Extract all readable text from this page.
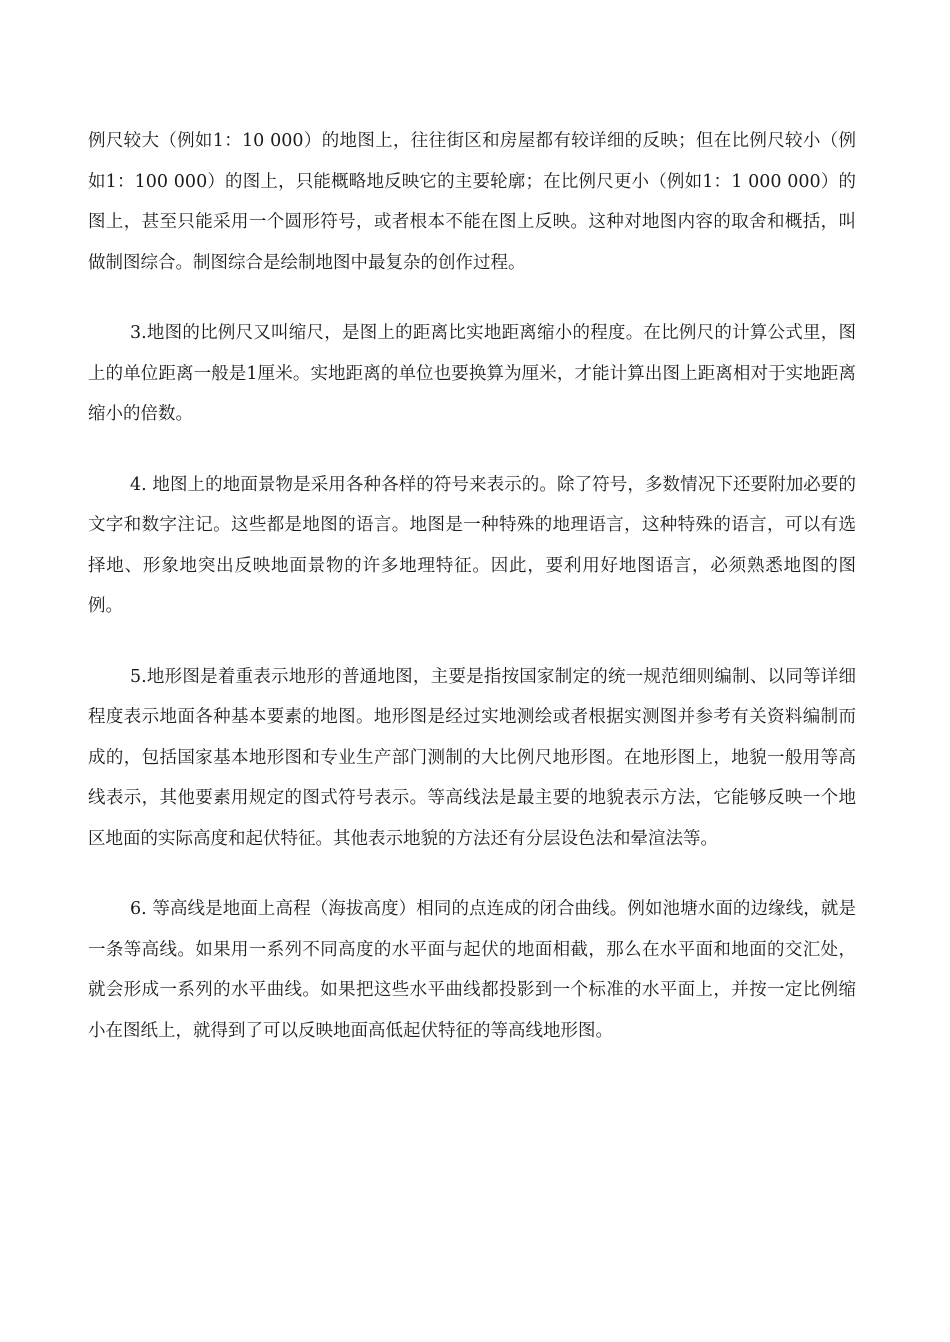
例尺较大（例如1：10 000）的地图上，往往街区和房屋都有较详细的反映；但在比例尺较小（例如1：100 000）的图上，只能概略地反映它的主要轮廓；在比例尺更小（例如1：1 000 000）的图上，甚至只能采用一个圆形符号，或者根本不能在图上反映。这种对地图内容的取舍和概括，叫做制图综合。制图综合是绘制地图中最复杂的创作过程。

3.地图的比例尺又叫缩尺，是图上的距离比实地距离缩小的程度。在比例尺的计算公式里，图上的单位距离一般是1厘米。实地距离的单位也要换算为厘米，才能计算出图上距离相对于实地距离缩小的倍数。

4. 地图上的地面景物是采用各种各样的符号来表示的。除了符号，多数情况下还要附加必要的文字和数字注记。这些都是地图的语言。地图是一种特殊的地理语言，这种特殊的语言，可以有选择地、形象地突出反映地面景物的许多地理特征。因此，要利用好地图语言，必须熟悉地图的图例。

5.地形图是着重表示地形的普通地图，主要是指按国家制定的统一规范细则编制、以同等详细程度表示地面各种基本要素的地图。地形图是经过实地测绘或者根据实测图并参考有关资料编制而成的，包括国家基本地形图和专业生产部门测制的大比例尺地形图。在地形图上，地貌一般用等高线表示，其他要素用规定的图式符号表示。等高线法是最主要的地貌表示方法，它能够反映一个地区地面的实际高度和起伏特征。其他表示地貌的方法还有分层设色法和晕渲法等。

6. 等高线是地面上高程（海拔高度）相同的点连成的闭合曲线。例如池塘水面的边缘线，就是一条等高线。如果用一系列不同高度的水平面与起伏的地面相截，那么在水平面和地面的交汇处，就会形成一系列的水平曲线。如果把这些水平曲线都投影到一个标准的水平面上，并按一定比例缩小在图纸上，就得到了可以反映地面高低起伏特征的等高线地形图。
